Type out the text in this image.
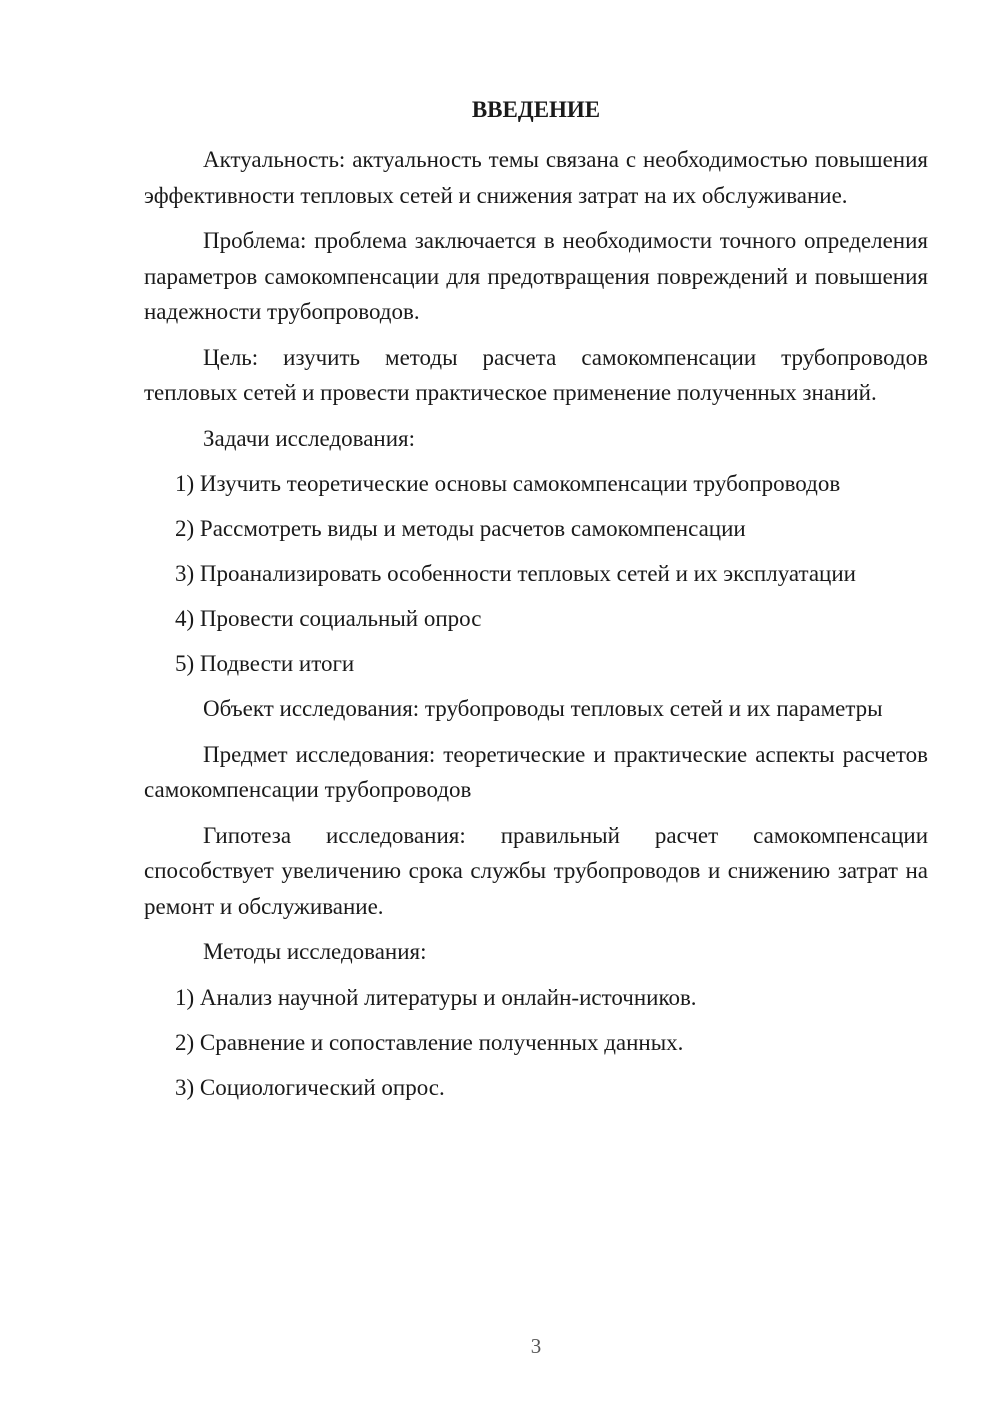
ВВЕДЕНИЕ

Актуальность: актуальность темы связана с необходимостью повышения эффективности тепловых сетей и снижения затрат на их обслуживание.

Проблема: проблема заключается в необходимости точного определения параметров самокомпенсации для предотвращения повреждений и повышения надежности трубопроводов.

Цель: изучить методы расчета самокомпенсации трубопроводов тепловых сетей и провести практическое применение полученных знаний.

Задачи исследования:
1) Изучить теоретические основы самокомпенсации трубопроводов
2) Рассмотреть виды и методы расчетов самокомпенсации
3) Проанализировать особенности тепловых сетей и их эксплуатации
4) Провести социальный опрос
5) Подвести итоги

Объект исследования: трубопроводы тепловых сетей и их параметры

Предмет исследования: теоретические и практические аспекты расчетов самокомпенсации трубопроводов

Гипотеза исследования: правильный расчет самокомпенсации способствует увеличению срока службы трубопроводов и снижению затрат на ремонт и обслуживание.

Методы исследования:
1) Анализ научной литературы и онлайн-источников.
2) Сравнение и сопоставление полученных данных.
3) Социологический опрос.
3
